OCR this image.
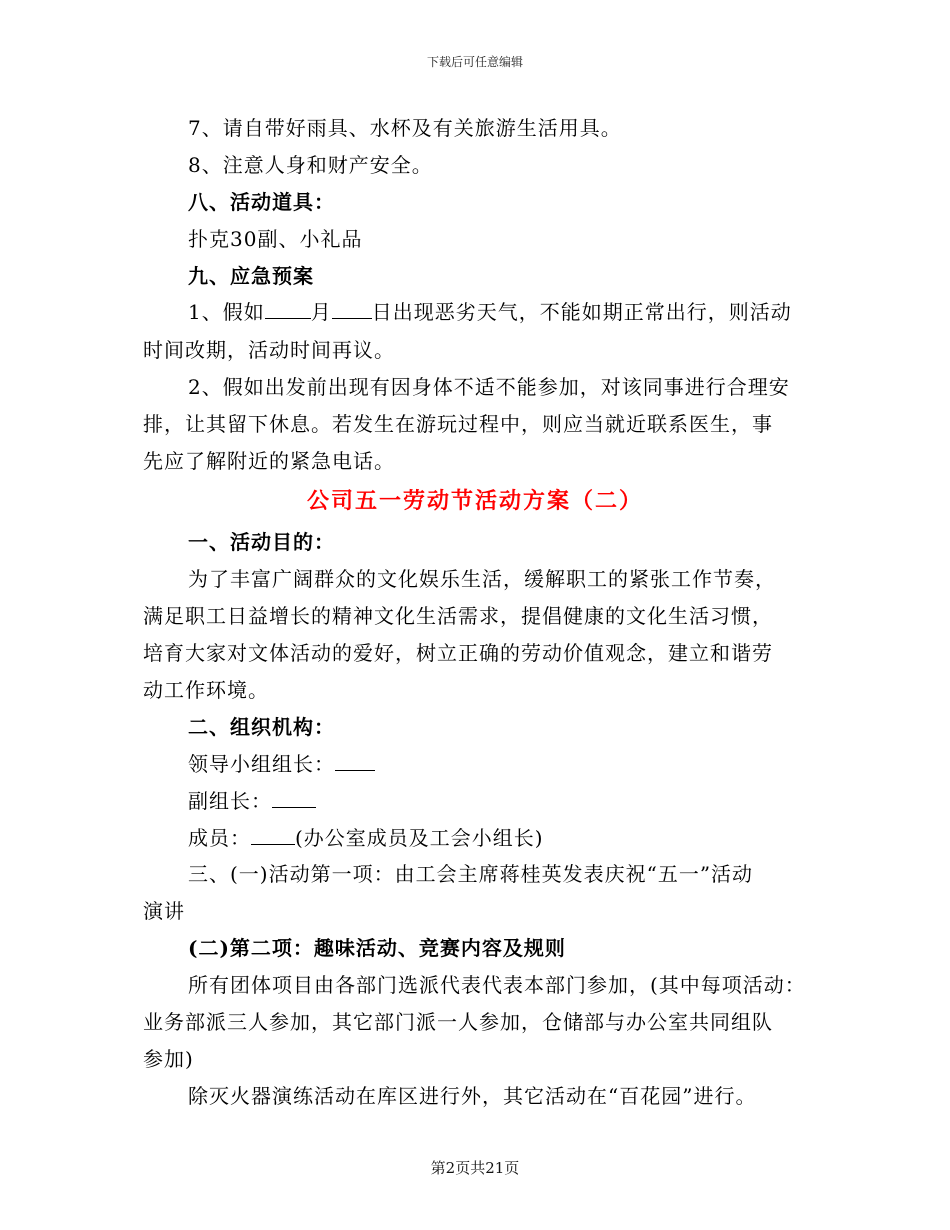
下载后可任意编辑
7、请自带好雨具、水杯及有关旅游生活用具。
8、注意人身和财产安全。
八、活动道具：
扑克30副、小礼品
九、应急预案
1、假如 月 日出现恶劣天气，不能如期正常出行，则活动
时间改期，活动时间再议。
2、假如出发前出现有因身体不适不能参加，对该同事进行合理安
排，让其留下休息。若发生在游玩过程中，则应当就近联系医生，事
先应了解附近的紧急电话。
公司五一劳动节活动方案（二）
一、活动目的：
为了丰富广阔群众的文化娱乐生活，缓解职工的紧张工作节奏，
满足职工日益增长的精神文化生活需求，提倡健康的文化生活习惯，
培育大家对文体活动的爱好，树立正确的劳动价值观念，建立和谐劳
动工作环境。
二、组织机构：
领导小组组长：
副组长：
成员： (办公室成员及工会小组长)
三、(一)活动第一项：由工会主席蒋桂英发表庆祝“五一”活动
演讲
(二)第二项：趣味活动、竞赛内容及规则
所有团体项目由各部门选派代表代表本部门参加，(其中每项活动：
业务部派三人参加，其它部门派一人参加，仓储部与办公室共同组队
参加)
除灭火器演练活动在库区进行外，其它活动在“百花园”进行。
第2页共21页
